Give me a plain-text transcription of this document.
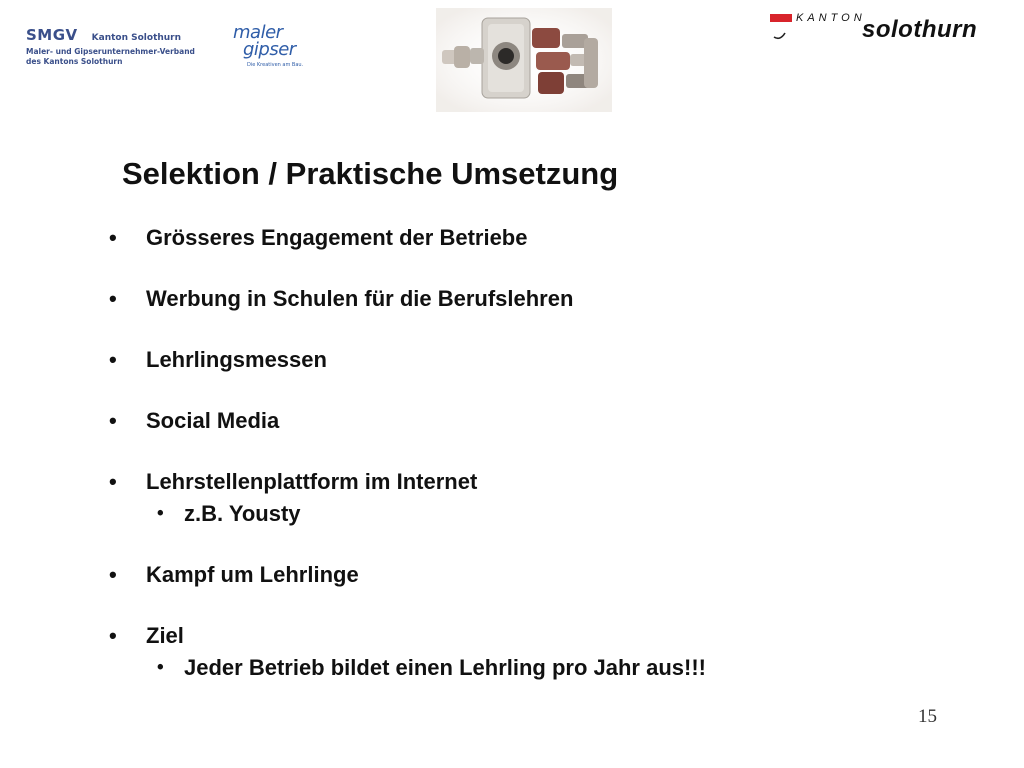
SMGV Kanton Solothurn
Maler- und Gipserunternehmer-Verband
des Kantons Solothurn
maler
gipser
Die Kreativen am Bau.
KANTON
solothurn
Selektion / Praktische Umsetzung
• Grösseres Engagement der Betriebe
• Werbung in Schulen für die Berufslehren
• Lehrlingsmessen
• Social Media
• Lehrstellenplattform im Internet
• z.B. Yousty
• Kampf um Lehrlinge
• Ziel
• Jeder Betrieb bildet einen Lehrling pro Jahr aus!!!
15
